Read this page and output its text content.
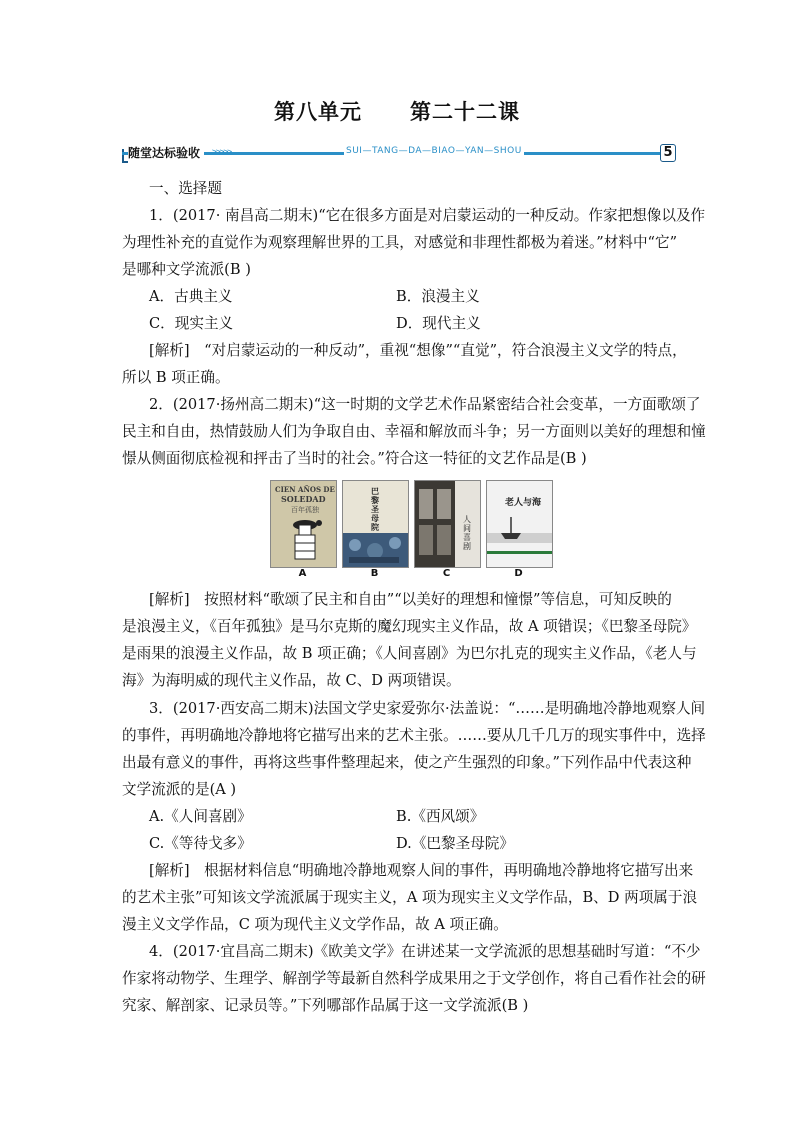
第八单元 第二十二课
随堂达标验收	>>>>>	SUI—TANG—DA—BIAO—YAN—SHOU	5
一、选择题
1．(2017· 南昌高二期末)“它在很多方面是对启蒙运动的一种反动。作家把想像以及作
为理性补充的直觉作为观察理解世界的工具，对感觉和非理性都极为着迷。”材料中“它”
是哪种文学流派(B )
A．古典主义	B．浪漫主义
C．现实主义	D．现代主义
[解析]　“对启蒙运动的一种反动”，重视“想像”“直觉”，符合浪漫主义文学的特点，
所以 B 项正确。
2．(2017·扬州高二期末)“这一时期的文学艺术作品紧密结合社会变革，一方面歌颂了
民主和自由，热情鼓励人们为争取自由、幸福和解放而斗争；另一方面则以美好的理想和憧
憬从侧面彻底检视和抨击了当时的社会。”符合这一特征的文艺作品是(B )
CIEN AÑOS DE
SOLEDAD
百年孤独
A
巴
黎
圣
母
院
B
人
间
喜
剧
C
老人与海
D
[解析]　按照材料“歌颂了民主和自由”“以美好的理想和憧憬”等信息，可知反映的
是浪漫主义，《百年孤独》是马尔克斯的魔幻现实主义作品，故 A 项错误；《巴黎圣母院》
是雨果的浪漫主义作品，故 B 项正确；《人间喜剧》为巴尔扎克的现实主义作品，《老人与
海》为海明威的现代主义作品，故 C、D 两项错误。
3．(2017·西安高二期末)法国文学史家爱弥尔·法盖说：“……是明确地冷静地观察人间
的事件，再明确地冷静地将它描写出来的艺术主张。……要从几千几万的现实事件中，选择
出最有意义的事件，再将这些事件整理起来，使之产生强烈的印象。”下列作品中代表这种
文学流派的是(A )
A.《人间喜剧》	B.《西风颂》
C.《等待戈多》	D.《巴黎圣母院》
[解析]　根据材料信息“明确地冷静地观察人间的事件，再明确地冷静地将它描写出来
的艺术主张”可知该文学流派属于现实主义，A 项为现实主义文学作品，B、D 两项属于浪
漫主义文学作品，C 项为现代主义文学作品，故 A 项正确。
4．(2017·宜昌高二期末)《欧美文学》在讲述某一文学流派的思想基础时写道：“不少
作家将动物学、生理学、解剖学等最新自然科学成果用之于文学创作，将自己看作社会的研
究家、解剖家、记录员等。”下列哪部作品属于这一文学流派(B )
